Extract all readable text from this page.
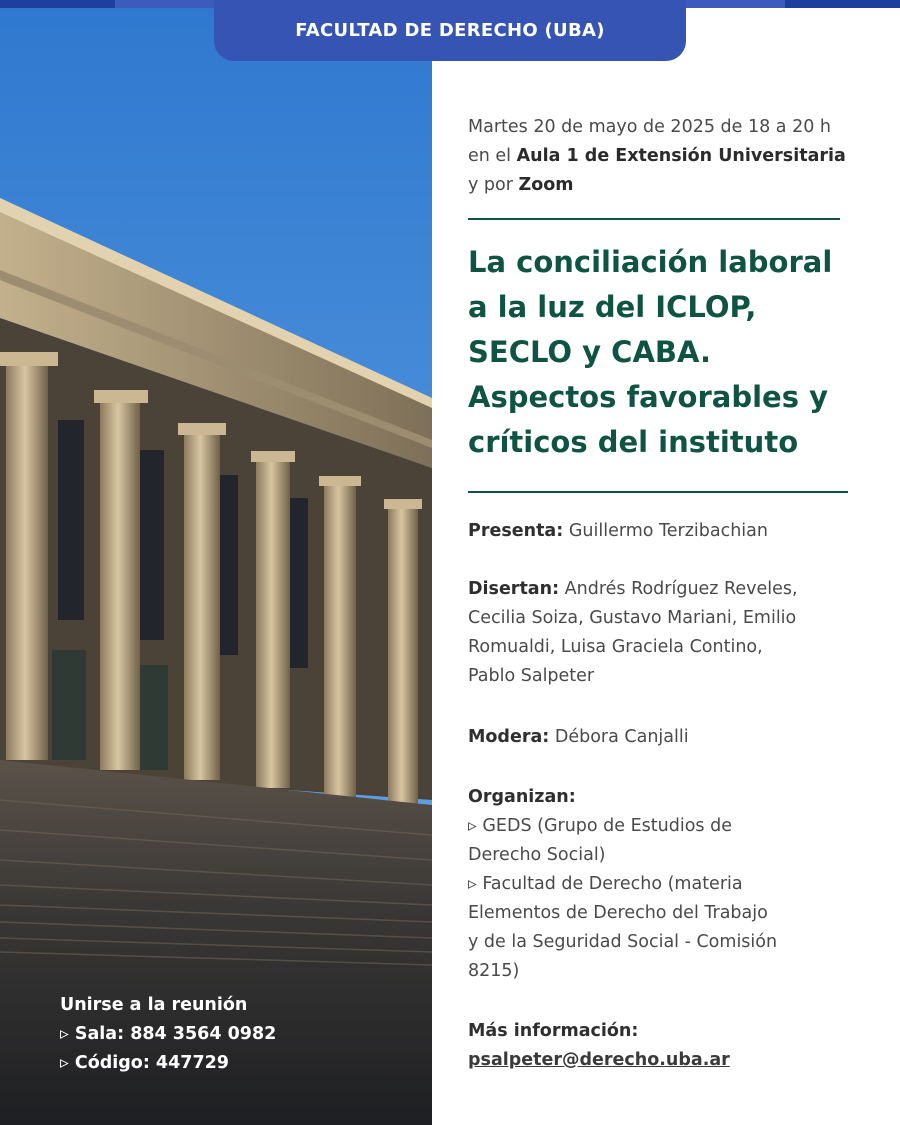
FACULTAD DE DERECHO (UBA)
Martes 20 de mayo de 2025 de 18 a 20 h
en el Aula 1 de Extensión Universitaria
y por Zoom
La conciliación laboral
a la luz del ICLOP,
SECLO y CABA.
Aspectos favorables y
críticos del instituto
Presenta: Guillermo Terzibachian
Disertan: Andrés Rodríguez Reveles,
Cecilia Soiza, Gustavo Mariani, Emilio
Romualdi, Luisa Graciela Contino,
Pablo Salpeter
Modera: Débora Canjalli
Organizan:
▹ GEDS (Grupo de Estudios de
Derecho Social)
▹ Facultad de Derecho (materia
Elementos de Derecho del Trabajo
y de la Seguridad Social - Comisión
8215)
Más información:
psalpeter@derecho.uba.ar
Unirse a la reunión
▹ Sala: 884 3564 0982
▹ Código: 447729
